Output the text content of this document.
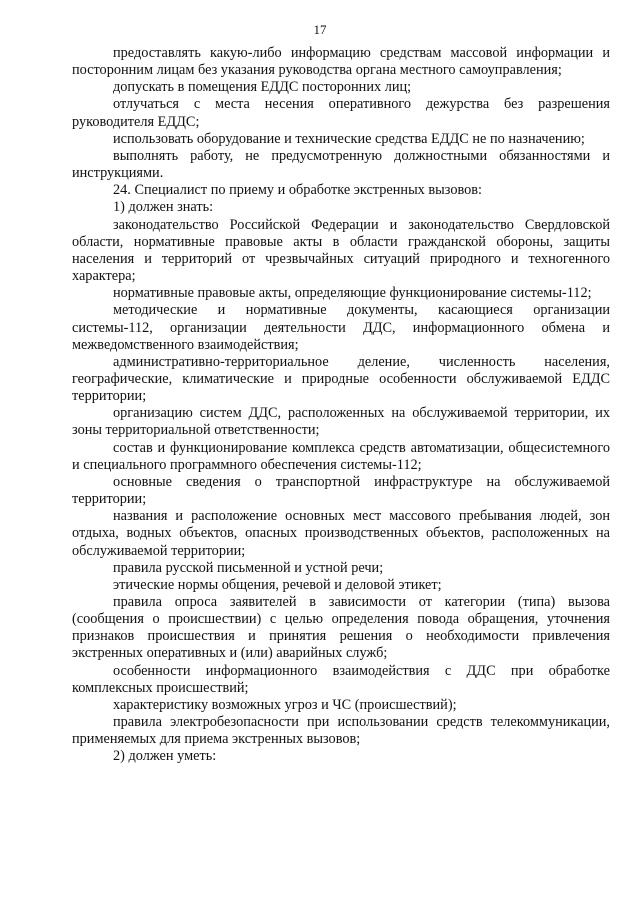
17

предоставлять какую-либо информацию средствам массовой информации и посторонним лицам без указания руководства органа местного самоуправления;

допускать в помещения ЕДДС посторонних лиц;

отлучаться с места несения оперативного дежурства без разрешения руководителя ЕДДС;

использовать оборудование и технические средства ЕДДС не по назначению;

выполнять работу, не предусмотренную должностными обязанностями и инструкциями.

24. Специалист по приему и обработке экстренных вызовов:

1) должен знать:

законодательство Российской Федерации и законодательство Свердловской области, нормативные правовые акты в области гражданской обороны, защиты населения и территорий от чрезвычайных ситуаций природного и техногенного характера;

нормативные правовые акты, определяющие функционирование системы-112;

методические и нормативные документы, касающиеся организации системы-112, организации деятельности ДДС, информационного обмена и межведомственного взаимодействия;

административно-территориальное деление, численность населения, географические, климатические и природные особенности обслуживаемой ЕДДС территории;

организацию систем ДДС, расположенных на обслуживаемой территории, их зоны территориальной ответственности;

состав и функционирование комплекса средств автоматизации, общесистемного и специального программного обеспечения системы-112;

основные сведения о транспортной инфраструктуре на обслуживаемой территории;

названия и расположение основных мест массового пребывания людей, зон отдыха, водных объектов, опасных производственных объектов, расположенных на обслуживаемой территории;

правила русской письменной и устной речи;

этические нормы общения, речевой и деловой этикет;

правила опроса заявителей в зависимости от категории (типа) вызова (сообщения о происшествии) с целью определения повода обращения, уточнения признаков происшествия и принятия решения о необходимости привлечения экстренных оперативных и (или) аварийных служб;

особенности информационного взаимодействия с ДДС при обработке комплексных происшествий;

характеристику возможных угроз и ЧС (происшествий);

правила электробезопасности при использовании средств телекоммуникации, применяемых для приема экстренных вызовов;

2) должен уметь:
